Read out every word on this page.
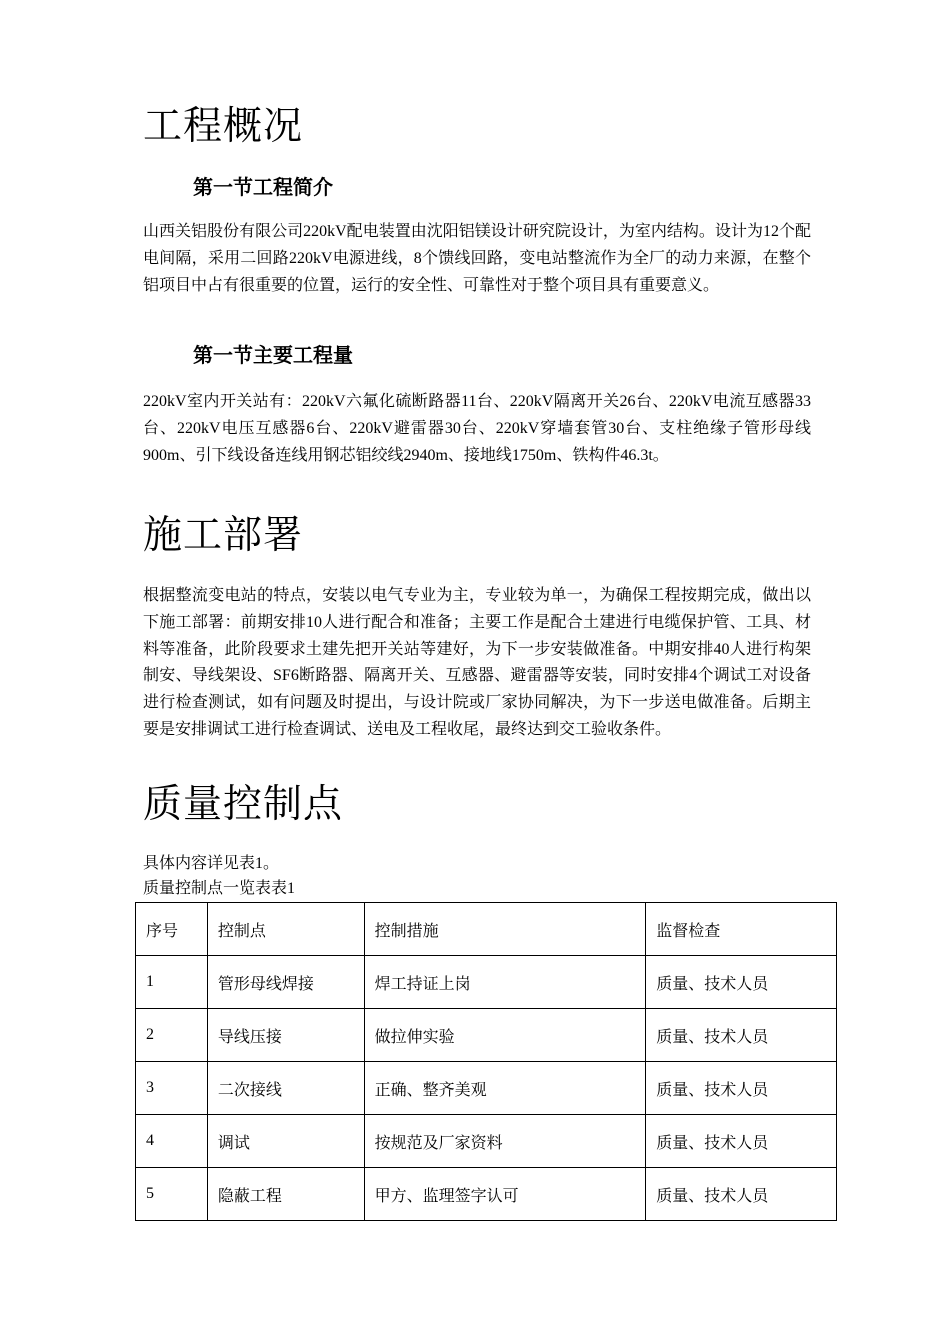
工程概况
第一节工程简介

山西关铝股份有限公司220kV配电装置由沈阳铝镁设计研究院设计，为室内结构。设计为12个配电间隔，采用二回路220kV电源进线，8个馈线回路，变电站整流作为全厂的动力来源，在整个铝项目中占有很重要的位置，运行的安全性、可靠性对于整个项目具有重要意义。

第一节主要工程量

220kV室内开关站有：220kV六氟化硫断路器11台、220kV隔离开关26台、220kV电流互感器33台、220kV电压互感器6台、220kV避雷器30台、220kV穿墙套管30台、支柱绝缘子管形母线900m、引下线设备连线用钢芯铝绞线2940m、接地线1750m、铁构件46.3t。

施工部署

根据整流变电站的特点，安装以电气专业为主，专业较为单一，为确保工程按期完成，做出以下施工部署：前期安排10人进行配合和准备；主要工作是配合土建进行电缆保护管、工具、材料等准备，此阶段要求土建先把开关站等建好，为下一步安装做准备。中期安排40人进行构架制安、导线架设、SF6断路器、隔离开关、互感器、避雷器等安装，同时安排4个调试工对设备进行检查测试，如有问题及时提出，与设计院或厂家协同解决，为下一步送电做准备。后期主要是安排调试工进行检查调试、送电及工程收尾，最终达到交工验收条件。

质量控制点

具体内容详见表1。

质量控制点一览表表1

序号	控制点	控制措施	监督检查
1	管形母线焊接	焊工持证上岗	质量、技术人员
2	导线压接	做拉伸实验	质量、技术人员
3	二次接线	正确、整齐美观	质量、技术人员
4	调试	按规范及厂家资料	质量、技术人员
5	隐蔽工程	甲方、监理签字认可	质量、技术人员
